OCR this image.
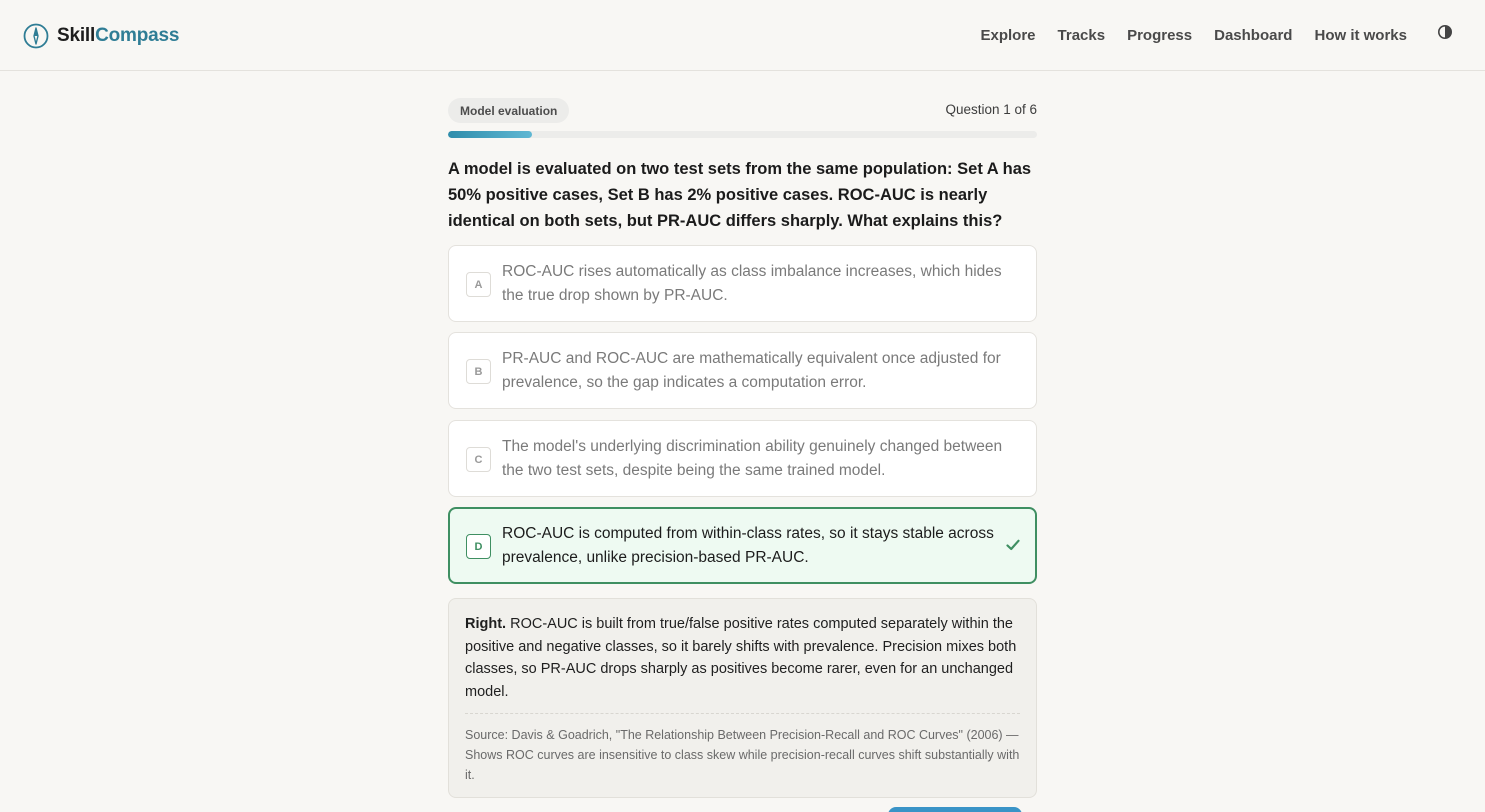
SkillCompass	Explore Tracks Progress Dashboard How it works
Model evaluation	Question 1 of 6
A model is evaluated on two test sets from the same population: Set A has 50% positive cases, Set B has 2% positive cases. ROC-AUC is nearly identical on both sets, but PR-AUC differs sharply. What explains this?
A
ROC-AUC rises automatically as class imbalance increases, which hides the true drop shown by PR-AUC.
B
PR-AUC and ROC-AUC are mathematically equivalent once adjusted for prevalence, so the gap indicates a computation error.
C
The model's underlying discrimination ability genuinely changed between the two test sets, despite being the same trained model.
D
ROC-AUC is computed from within-class rates, so it stays stable across prevalence, unlike precision-based PR-AUC.

Right. ROC-AUC is built from true/false positive rates computed separately within the positive and negative classes, so it barely shifts with prevalence. Precision mixes both classes, so PR-AUC drops sharply as positives become rarer, even for an unchanged model.

Source: Davis & Goadrich, "The Relationship Between Precision-Recall and ROC Curves" (2006) — Shows ROC curves are insensitive to class skew while precision-recall curves shift substantially with it.
